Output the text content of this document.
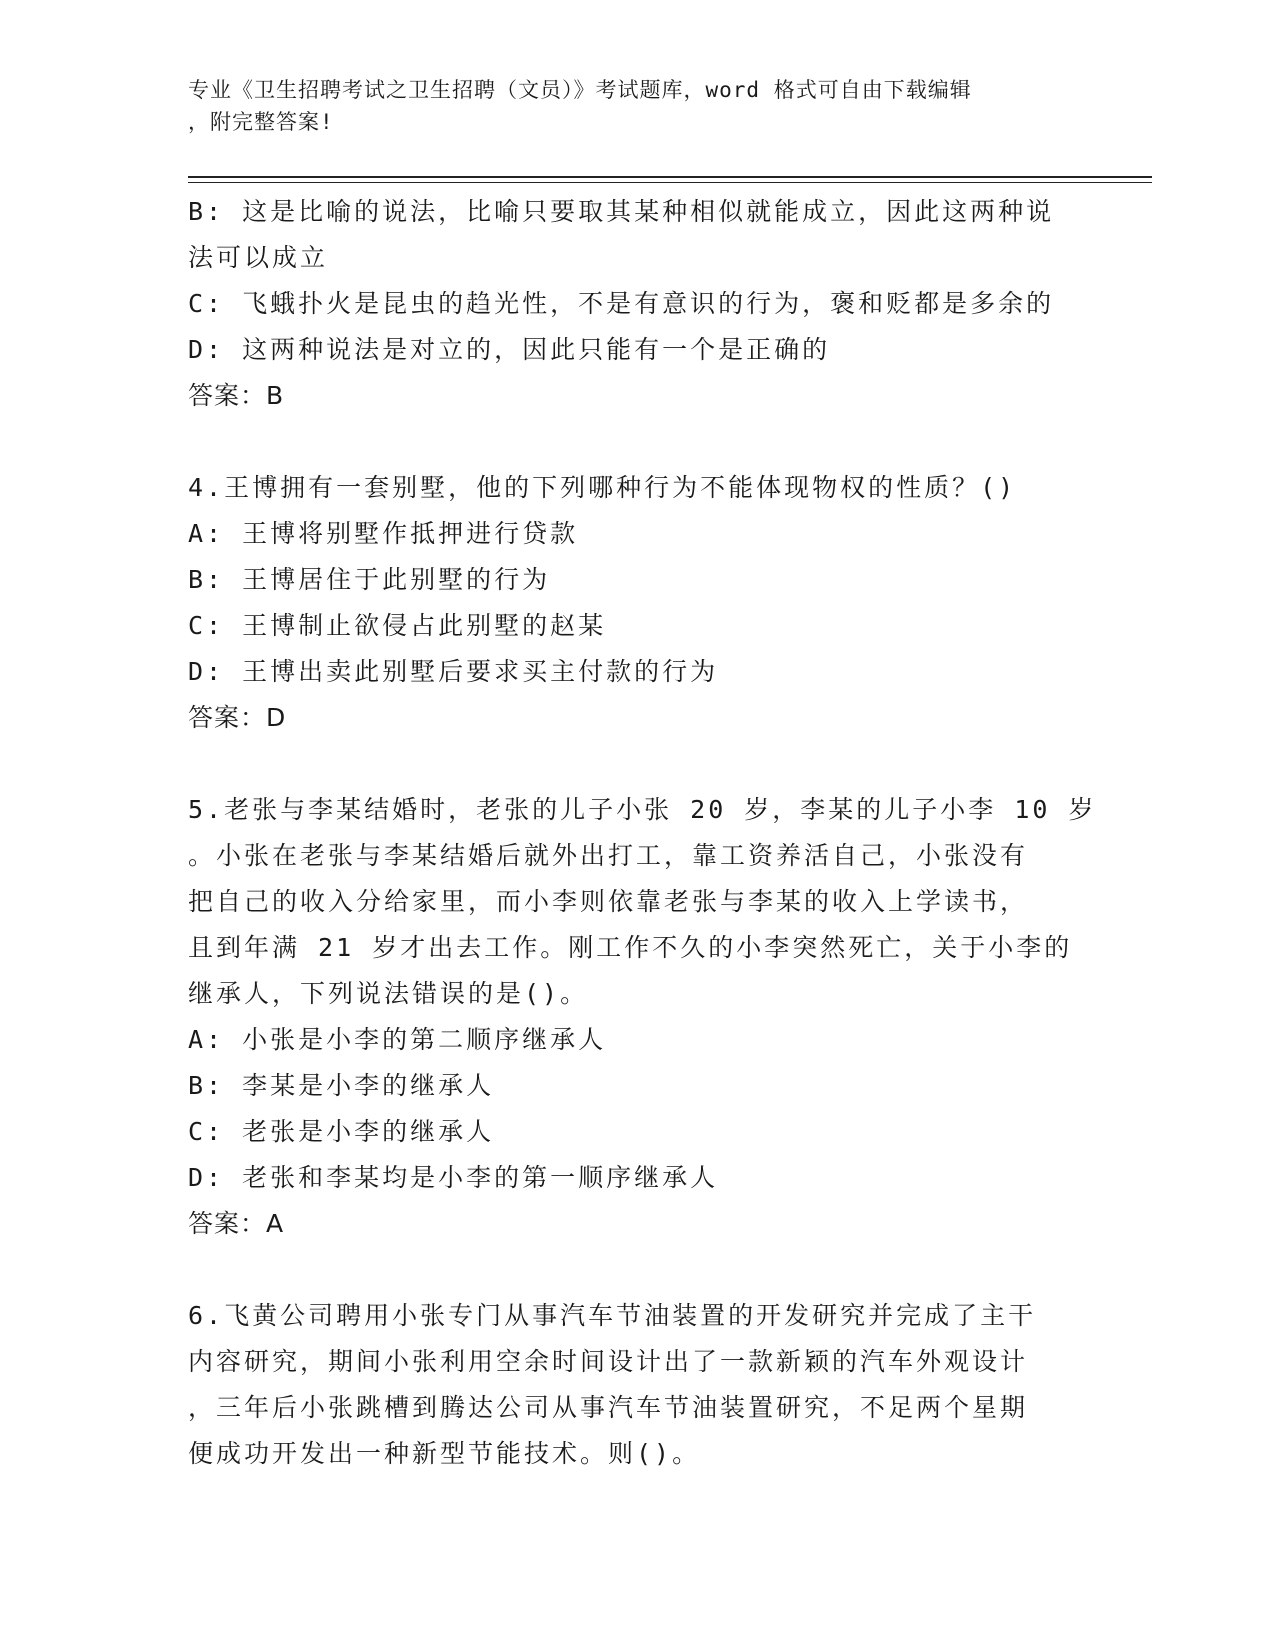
专业《卫生招聘考试之卫生招聘（文员）》考试题库，word 格式可自由下载编辑
，附完整答案!
B: 这是比喻的说法，比喻只要取其某种相似就能成立，因此这两种说
法可以成立
C: 飞蛾扑火是昆虫的趋光性，不是有意识的行为，褒和贬都是多余的
D: 这两种说法是对立的，因此只能有一个是正确的
答案：B
4.王博拥有一套别墅，他的下列哪种行为不能体现物权的性质？()
A: 王博将别墅作抵押进行贷款
B: 王博居住于此别墅的行为
C: 王博制止欲侵占此别墅的赵某
D: 王博出卖此别墅后要求买主付款的行为
答案：D
5.老张与李某结婚时，老张的儿子小张 20 岁，李某的儿子小李 10 岁
。小张在老张与李某结婚后就外出打工，靠工资养活自己，小张没有
把自己的收入分给家里，而小李则依靠老张与李某的收入上学读书，
且到年满 21 岁才出去工作。刚工作不久的小李突然死亡，关于小李的
继承人，下列说法错误的是()。
A: 小张是小李的第二顺序继承人
B: 李某是小李的继承人
C: 老张是小李的继承人
D: 老张和李某均是小李的第一顺序继承人
答案：A
6.飞黄公司聘用小张专门从事汽车节油装置的开发研究并完成了主干
内容研究，期间小张利用空余时间设计出了一款新颖的汽车外观设计
，三年后小张跳槽到腾达公司从事汽车节油装置研究，不足两个星期
便成功开发出一种新型节能技术。则()。
